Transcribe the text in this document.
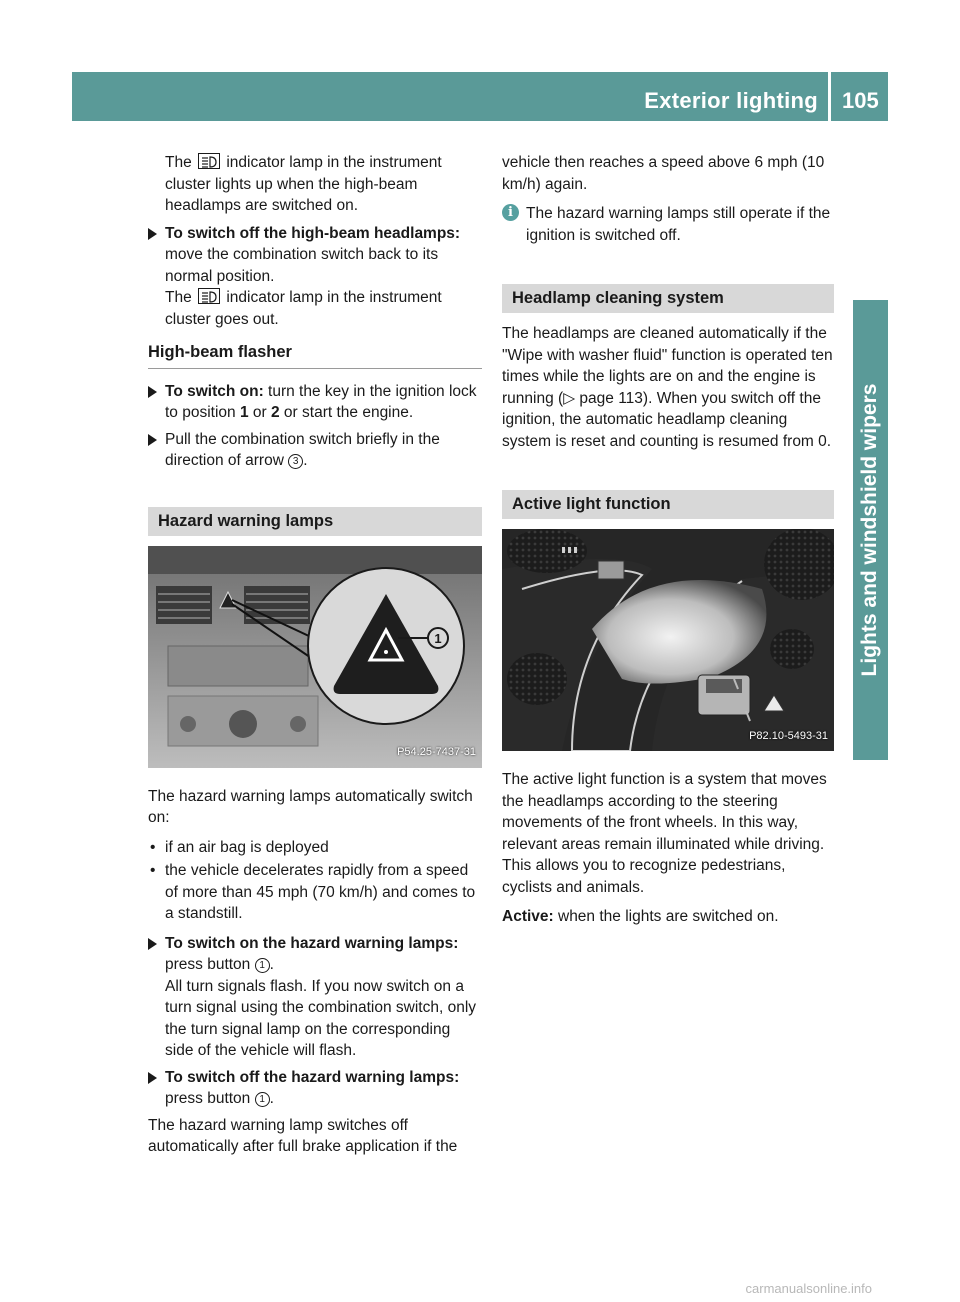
Exterior lighting 105
Lights and windshield wipers

The indicator lamp in the instrument cluster lights up when the high-beam headlamps are switched on.

To switch off the high-beam headlamps: move the combination switch back to its normal position.
The indicator lamp in the instrument cluster goes out.
High-beam flasher
To switch on: turn the key in the ignition lock to position 1 or 2 or start the engine.
Pull the combination switch briefly in the direction of arrow 3 .
Hazard warning lamps
1
P54.25-7437-31

The hazard warning lamps automatically switch on:

• if an air bag is deployed
• the vehicle decelerates rapidly from a speed of more than 45 mph (70 km/h) and comes to a standstill.
To switch on the hazard warning lamps: press button 1 .
All turn signals flash. If you now switch on a turn signal using the combination switch, only the turn signal lamp on the corresponding side of the vehicle will flash.
To switch off the hazard warning lamps: press button 1 .

The hazard warning lamp switches off automatically after full brake application if the

vehicle then reaches a speed above 6 mph (10 km/h) again.

i The hazard warning lamps still operate if the ignition is switched off.
Headlamp cleaning system

The headlamps are cleaned automatically if the "Wipe with washer fluid" function is operated ten times while the lights are on and the engine is running (▷ page 113). When you switch off the ignition, the automatic headlamp cleaning system is reset and counting is resumed from 0.

Active light function
P82.10-5493-31

The active light function is a system that moves the headlamps according to the steering movements of the front wheels. In this way, relevant areas remain illuminated while driving. This allows you to recognize pedestrians, cyclists and animals.

Active: when the lights are switched on.

carmanualsonline.info
